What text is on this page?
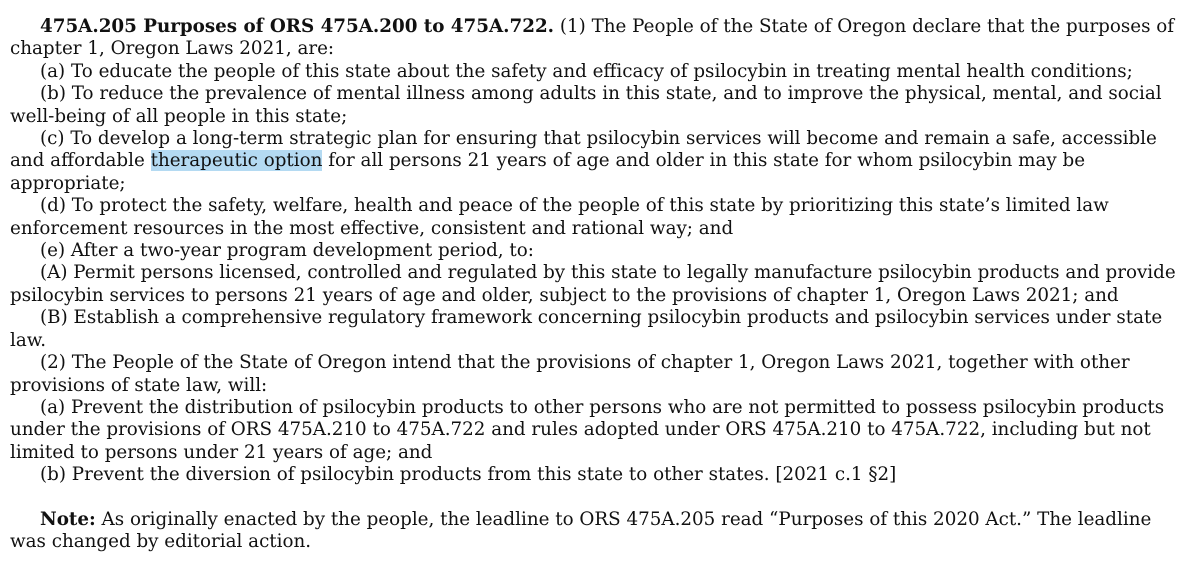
475A.205 Purposes of ORS 475A.200 to 475A.722. (1) The People of the State of Oregon declare that the purposes of chapter 1, Oregon Laws 2021, are:

(a) To educate the people of this state about the safety and efficacy of psilocybin in treating mental health conditions;

(b) To reduce the prevalence of mental illness among adults in this state, and to improve the physical, mental, and social well-being of all people in this state;

(c) To develop a long-term strategic plan for ensuring that psilocybin services will become and remain a safe, accessible and affordable therapeutic option for all persons 21 years of age and older in this state for whom psilocybin may be appropriate;

(d) To protect the safety, welfare, health and peace of the people of this state by prioritizing this state’s limited law enforcement resources in the most effective, consistent and rational way; and

(e) After a two-year program development period, to:

(A) Permit persons licensed, controlled and regulated by this state to legally manufacture psilocybin products and provide psilocybin services to persons 21 years of age and older, subject to the provisions of chapter 1, Oregon Laws 2021; and

(B) Establish a comprehensive regulatory framework concerning psilocybin products and psilocybin services under state law.

(2) The People of the State of Oregon intend that the provisions of chapter 1, Oregon Laws 2021, together with other provisions of state law, will:

(a) Prevent the distribution of psilocybin products to other persons who are not permitted to possess psilocybin products under the provisions of ORS 475A.210 to 475A.722 and rules adopted under ORS 475A.210 to 475A.722, including but not limited to persons under 21 years of age; and

(b) Prevent the diversion of psilocybin products from this state to other states. [2021 c.1 §2]

Note: As originally enacted by the people, the leadline to ORS 475A.205 read “Purposes of this 2020 Act.” The leadline was changed by editorial action.
